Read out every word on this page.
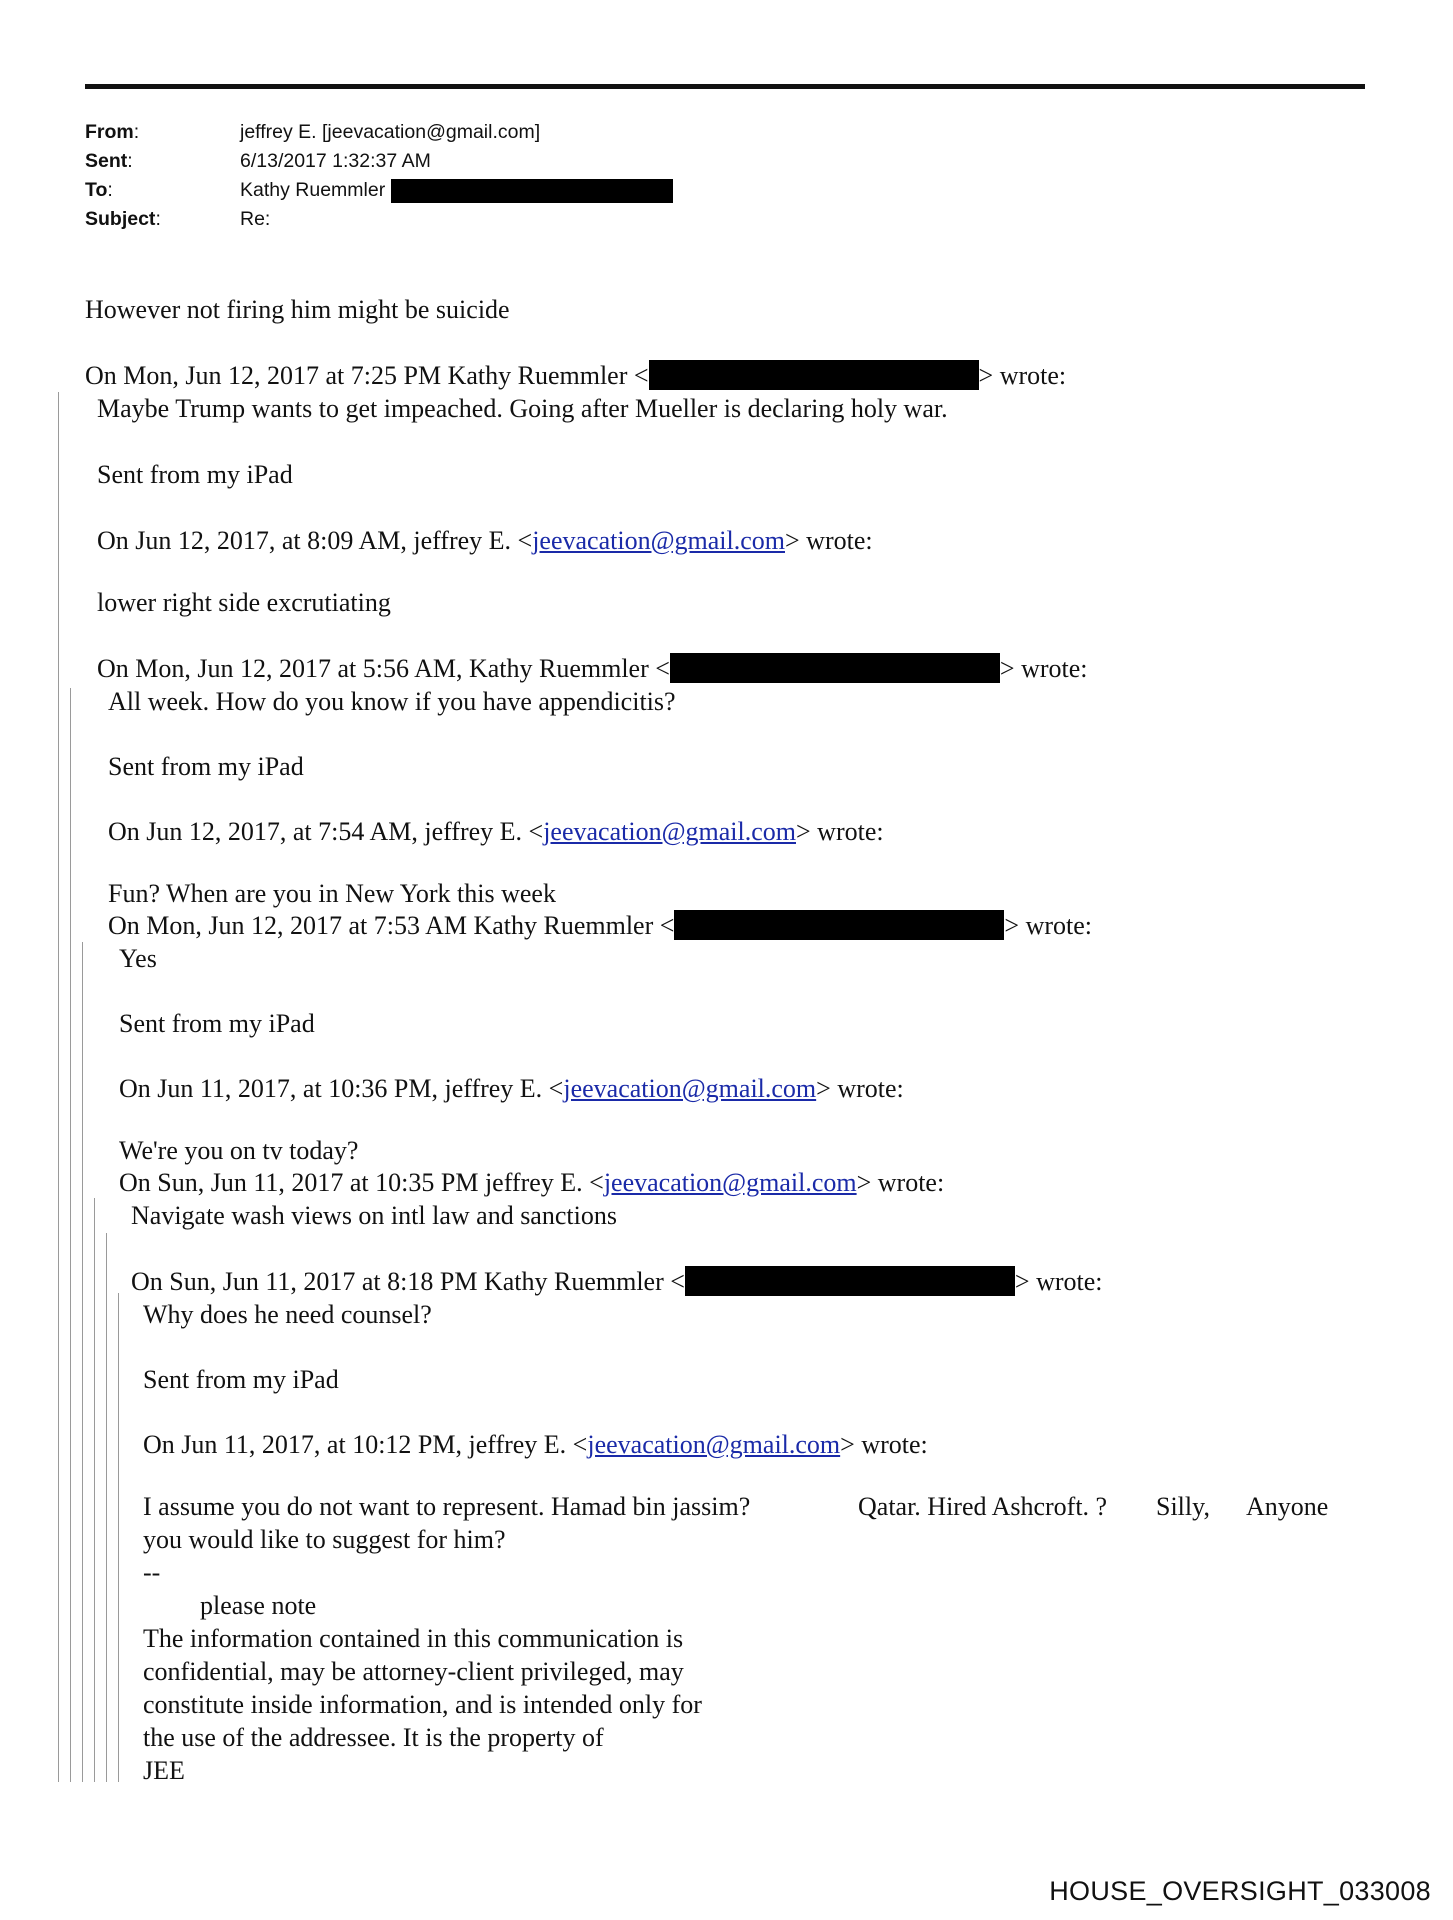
From:	jeffrey E. [jeevacation@gmail.com]
Sent:	6/13/2017 1:32:37 AM
To:	Kathy Ruemmler
Subject:	Re:
However not firing him might be suicide
On Mon, Jun 12, 2017 at 7:25 PM Kathy Ruemmler <	> wrote:
Maybe Trump wants to get impeached. Going after Mueller is declaring holy war.
Sent from my iPad
On Jun 12, 2017, at 8:09 AM, jeffrey E. <jeevacation@gmail.com> wrote:
lower right side excrutiating
On Mon, Jun 12, 2017 at 5:56 AM, Kathy Ruemmler <	> wrote:
All week. How do you know if you have appendicitis?
Sent from my iPad
On Jun 12, 2017, at 7:54 AM, jeffrey E. <jeevacation@gmail.com> wrote:
Fun? When are you in New York this week
On Mon, Jun 12, 2017 at 7:53 AM Kathy Ruemmler <	> wrote:
Yes
Sent from my iPad
On Jun 11, 2017, at 10:36 PM, jeffrey E. <jeevacation@gmail.com> wrote:
We're you on tv today?
On Sun, Jun 11, 2017 at 10:35 PM jeffrey E. <jeevacation@gmail.com> wrote:
Navigate wash views on intl law and sanctions
On Sun, Jun 11, 2017 at 8:18 PM Kathy Ruemmler <	> wrote:
Why does he need counsel?
Sent from my iPad
On Jun 11, 2017, at 10:12 PM, jeffrey E. <jeevacation@gmail.com> wrote:
I assume you do not want to represent. Hamad bin jassim?	Qatar. Hired Ashcroft. ? Silly, Anyone
you would like to suggest for him?
--
please note
The information contained in this communication is
confidential, may be attorney-client privileged, may
constitute inside information, and is intended only for
the use of the addressee. It is the property of
JEE
HOUSE_OVERSIGHT_033008
